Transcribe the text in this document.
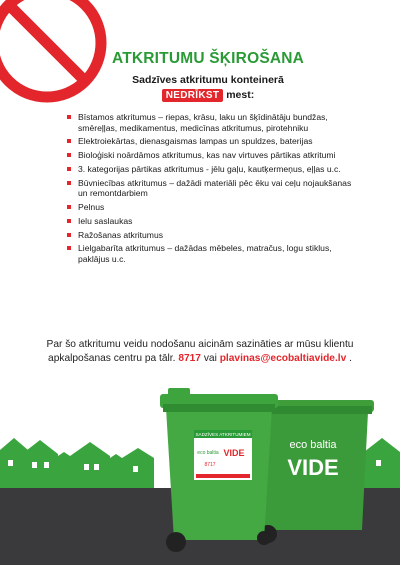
ATKRITUMU ŠĶIROŠANA
Sadzīves atkritumu konteinerā
NEDRĪKST mest:
Bīstamos atkritumus – riepas, krāsu, laku un šķīdinātāju bundžas, smēreļļas, medikamentus, medicīnas atkritumus, pirotehniku
Elektroiekārtas, dienasgaismas lampas un spuldzes, baterijas
Bioloģiski noārdāmos atkritumus, kas nav virtuves pārtikas atkritumi
3. kategorijas pārtikas atkritumus - jēlu gaļu, kautķermeņus, eļļas u.c.
Būvniecības atkritumus – dažādi materiāli pēc ēku vai ceļu nojaukšanas un remontdarbiem
Pelnus
Ielu saslaukas
Ražošanas atkritumus
Lielgabarīta atkritumus – dažādas mēbeles, matračus, logu stiklus, paklājus u.c.
Par šo atkritumu veidu nodošanu aicinām sazināties ar mūsu klientu
apkalpošanas centru pa tālr. 8717 vai plavinas@ecobaltiavide.lv .
eco baltia
VIDE
SADZĪVES ATKRITUMIEM
eco baltia VIDE
8717
